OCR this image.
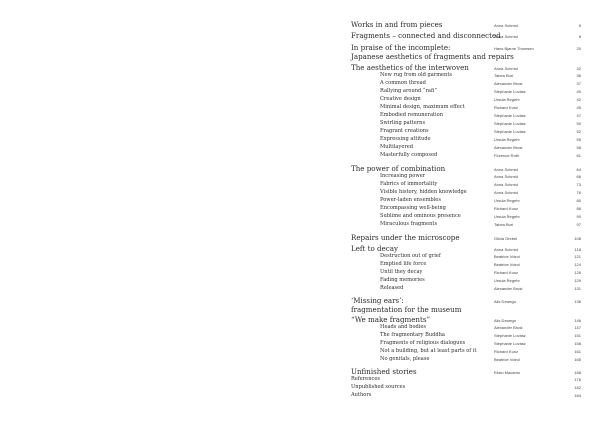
Works in and from pieces	Anna Schmid	6
Fragments – connected and disconnected
Anna Schmid	8
In praise of the incomplete:
Japanese aesthetics of fragments and repairs
Hans Bjarne Thomsen	20
The aesthetics of the interwoven	Anna Schmid	32
New rug from old garments	Tabea Buri	36
A common thread	Alexander Brust	37
Rallying around “rafi”	Stephanie Lovász	40
Creative design	Ursula Regehr	42
Minimal design, maximum effect	Richard Kunz	45
Embodied remuneration	Stephanie Lovász	47
Swirling patterns	Stephanie Lovász	50
Fragrant creations	Stephanie Lovász	52
Expressing attitude	Ursula Regehr	55
Multilayered	Alexander Brust	58
Masterfully composed	Florence Roth	61
The power of combination	Anna Schmid	64
Increasing power	Anna Schmid	66
Fabrics of immortality	Anna Schmid	73
Visible history, hidden knowledge	Anna Schmid	76
Power-laden ensembles	Ursula Regehr	80
Encompassing well-being	Richard Kunz	86
Sublime and ominous presence	Ursula Regehr	90
Miraculous fragments	Tabea Buri	97
Repairs under the microscope	Gilvia Grebel	108
Left to decay	Anna Schmid	118
Destruction out of grief	Beatrice Voirol	121
Emptied life force	Beatrice Voirol	124
Until they decay	Richard Kunz	126
Fading memories	Ursula Regehr	129
Released	Alexander Brust	131
‘Missing ears’:
fragmentation for the museum
Alis Dzwego	136
“We make fragments”	Alis Dzwego	146
Heads and bodies	Alexander Brust	147
The fragmentary Buddha	Stephanie Lovász	151
Fragments of religious dialogues	Stephanie Lovász	158
Not a building, but at least parts of it	Richard Kunz	161
No genitals, please	Beatrice Voirol	165
Unfinished stories	Elisio Macamo	168
References	176
Unpublished sources	182
Authors	184
